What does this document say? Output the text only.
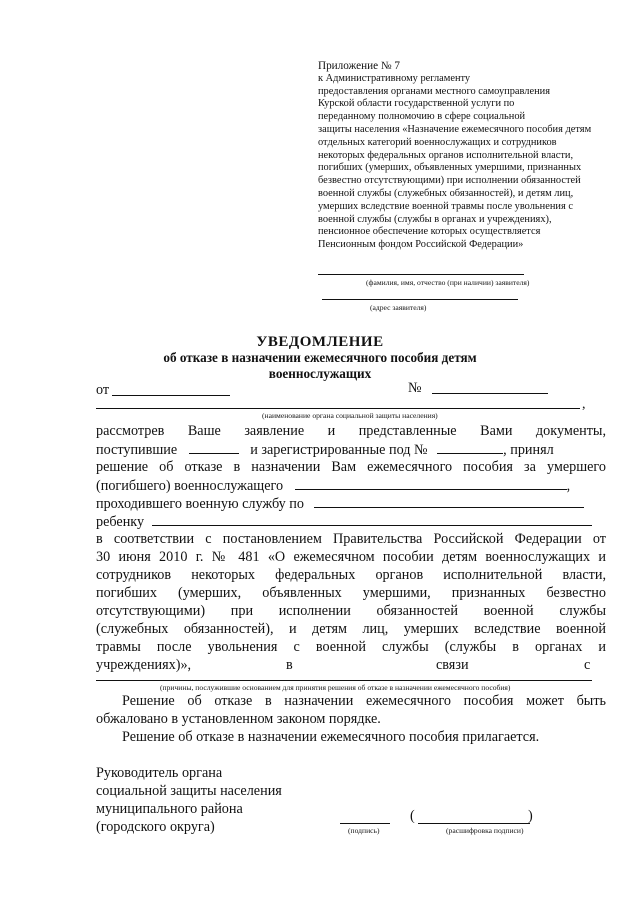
Приложение № 7
к Административному регламенту
предоставления органами местного самоуправления
Курской области государственной услуги по
переданному полномочию в сфере социальной
защиты населения «Назначение ежемесячного пособия детям
отдельных категорий военнослужащих и сотрудников
некоторых федеральных органов исполнительной власти,
погибших (умерших, объявленных умершими, признанных
безвестно отсутствующими) при исполнении обязанностей
военной службы (служебных обязанностей), и детям лиц,
умерших вследствие военной травмы после увольнения с
военной службы (службы в органах и учреждениях),
пенсионное обеспечение которых осуществляется
Пенсионным фондом Российской Федерации»
(фамилия, имя, отчество (при наличии) заявителя)
(адрес заявителя)
УВЕДОМЛЕНИЕ
об отказе в назначении ежемесячного пособия детям
военнослужащих
от	№
,
(наименование органа социальной защиты населения)
рассмотрев Ваше заявление и представленные Вами документы,
поступившие	и зарегистрированные под №	, принял
решение об отказе в назначении Вам ежемесячного пособия за умершего
(погибшего) военнослужащего	,
проходившего военную службу по
ребенку
в соответствии с постановлением Правительства Российской Федерации от
30 июня 2010 г. № 481 «О ежемесячном пособии детям военнослужащих и
сотрудников некоторых федеральных органов исполнительной власти,
погибших (умерших, объявленных умершими, признанных безвестно
отсутствующими) при исполнении обязанностей военной службы
(служебных обязанностей), и детям лиц, умерших вследствие военной
травмы после увольнения с военной службы (службы в органах и
учреждениях)»,	в	связи	с
(причины, послужившие основанием для принятия решения об отказе в назначении ежемесячного пособия)
Решение об отказе в назначении ежемесячного пособия может быть
обжаловано в установленном законом порядке.
Решение об отказе в назначении ежемесячного пособия прилагается.
Руководитель органа
социальной защиты населения
муниципального района
(городского округа)	(подпись)
(	)
(расшифровка подписи)
